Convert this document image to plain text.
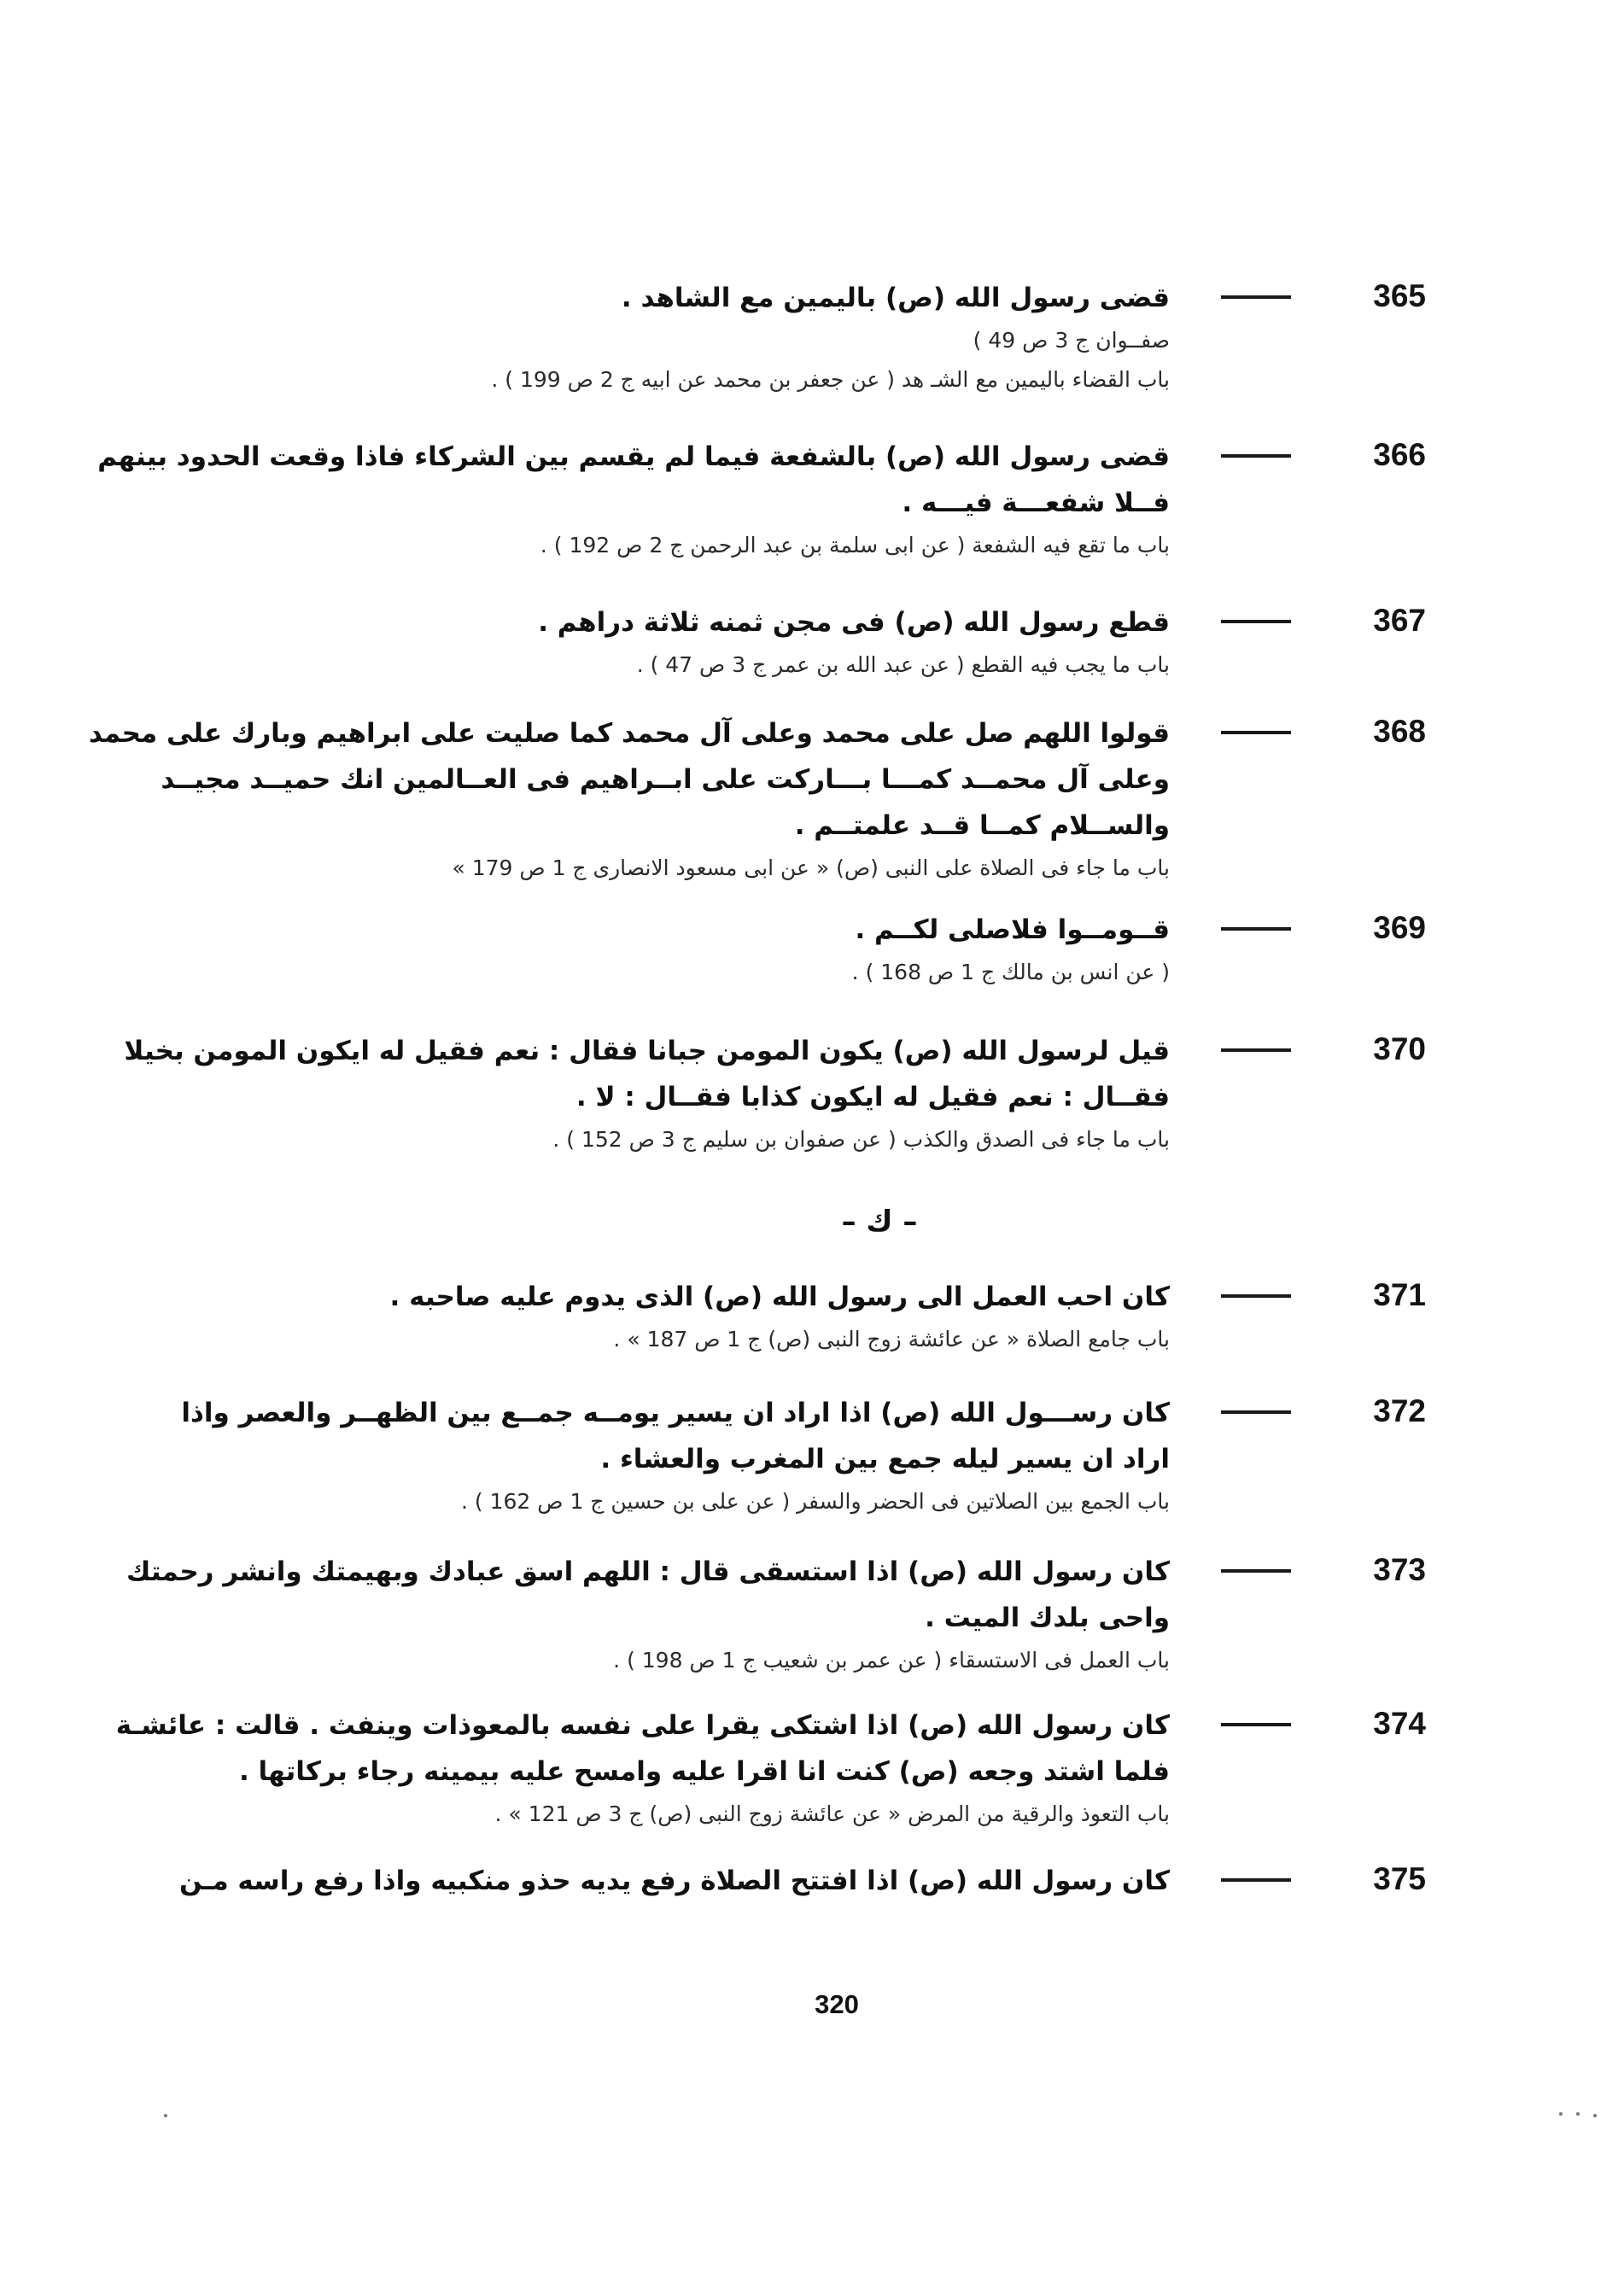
365
قضى رسول الله (ص) باليمين مع الشاهد .
صفــوان ج 3 ص 49 )
باب القضاء باليمين مع الشـ هد ( عن جعفر بن محمد عن ابيه ج 2 ص 199 ) .
366
قضى رسول الله (ص) بالشفعة فيما لم يقسم بين الشركاء فاذا وقعت الحدود بينهم
فــلا شفعـــة فيـــه .
باب ما تقع فيه الشفعة ( عن ابى سلمة بن عبد الرحمن ج 2 ص 192 ) .
367
قطع رسول الله (ص) فى مجن ثمنه ثلاثة دراهم .
باب ما يجب فيه القطع ( عن عبد الله بن عمر ج 3 ص 47 ) .
368
قولوا اللهم صل على محمد وعلى آل محمد كما صليت على ابراهيم وبارك على محمد
وعلى آل محمــد كمـــا بـــاركت على ابــراهيم فى العــالمين انك حميــد مجيــد
والســلام كمــا قــد علمتــم .
باب ما جاء فى الصلاة على النبى (ص) « عن ابى مسعود الانصارى ج 1 ص 179 »
369
قــومــوا فلاصلى لكــم .
( عن انس بن مالك ج 1 ص 168 ) .
370
قيل لرسول الله (ص) يكون المومن جبانا فقال : نعم فقيل له ايكون المومن بخيلا
فقــال : نعم فقيل له ايكون كذابا فقــال : لا .
باب ما جاء فى الصدق والكذب ( عن صفوان بن سليم ج 3 ص 152 ) .
– ك –
371
كان احب العمل الى رسول الله (ص) الذى يدوم عليه صاحبه .
باب جامع الصلاة « عن عائشة زوج النبى (ص) ج 1 ص 187 » .
372
كان رســـول الله (ص) اذا اراد ان يسير يومــه جمــع بين الظهــر والعصر واذا
اراد ان يسير ليله جمع بين المغرب والعشاء .
باب الجمع بين الصلاتين فى الحضر والسفر ( عن على بن حسين ج 1 ص 162 ) .
373
كان رسول الله (ص) اذا استسقى قال : اللهم اسق عبادك وبهيمتك وانشر رحمتك
واحى بلدك الميت .
باب العمل فى الاستسقاء ( عن عمر بن شعيب ج 1 ص 198 ) .
374
كان رسول الله (ص) اذا اشتكى يقرا على نفسه بالمعوذات وينفث . قالت : عائشـة
فلما اشتد وجعه (ص) كنت انا اقرا عليه وامسح عليه بيمينه رجاء بركاتها .
باب التعوذ والرقية من المرض « عن عائشة زوج النبى (ص) ج 3 ص 121 » .
375
كان رسول الله (ص) اذا افتتح الصلاة رفع يديه حذو منكبيه واذا رفع راسه مـن
320
